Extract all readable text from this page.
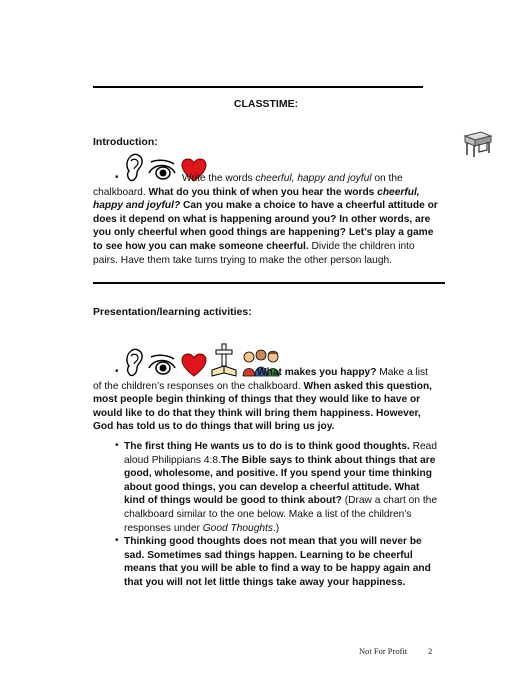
CLASSTIME:
Introduction:
•	Write the words cheerful, happy and joyful on the chalkboard. What do you think of when you hear the words cheerful, happy and joyful? Can you make a choice to have a cheerful attitude or does it depend on what is happening around you? In other words, are you only cheerful when good things are happening? Let’s play a game to see how you can make someone cheerful. Divide the children into pairs. Have them take turns trying to make the other person laugh.
Presentation/learning activities:
•	What makes you happy? Make a list of the children’s responses on the chalkboard. When asked this question, most people begin thinking of things that they would like to have or would like to do that they think will bring them happiness. However, God has told us to do things that will bring us joy.
• The first thing He wants us to do is to think good thoughts. Read aloud Philippians 4:8.The Bible says to think about things that are good, wholesome, and positive. If you spend your time thinking about good things, you can develop a cheerful attitude. What kind of things would be good to think about? (Draw a chart on the chalkboard similar to the one below. Make a list of the children’s responses under Good Thoughts.)
• Thinking good thoughts does not mean that you will never be sad. Sometimes sad things happen. Learning to be cheerful means that you will be able to find a way to be happy again and that you will not let little things take away your happiness.
Not For Profit 2
